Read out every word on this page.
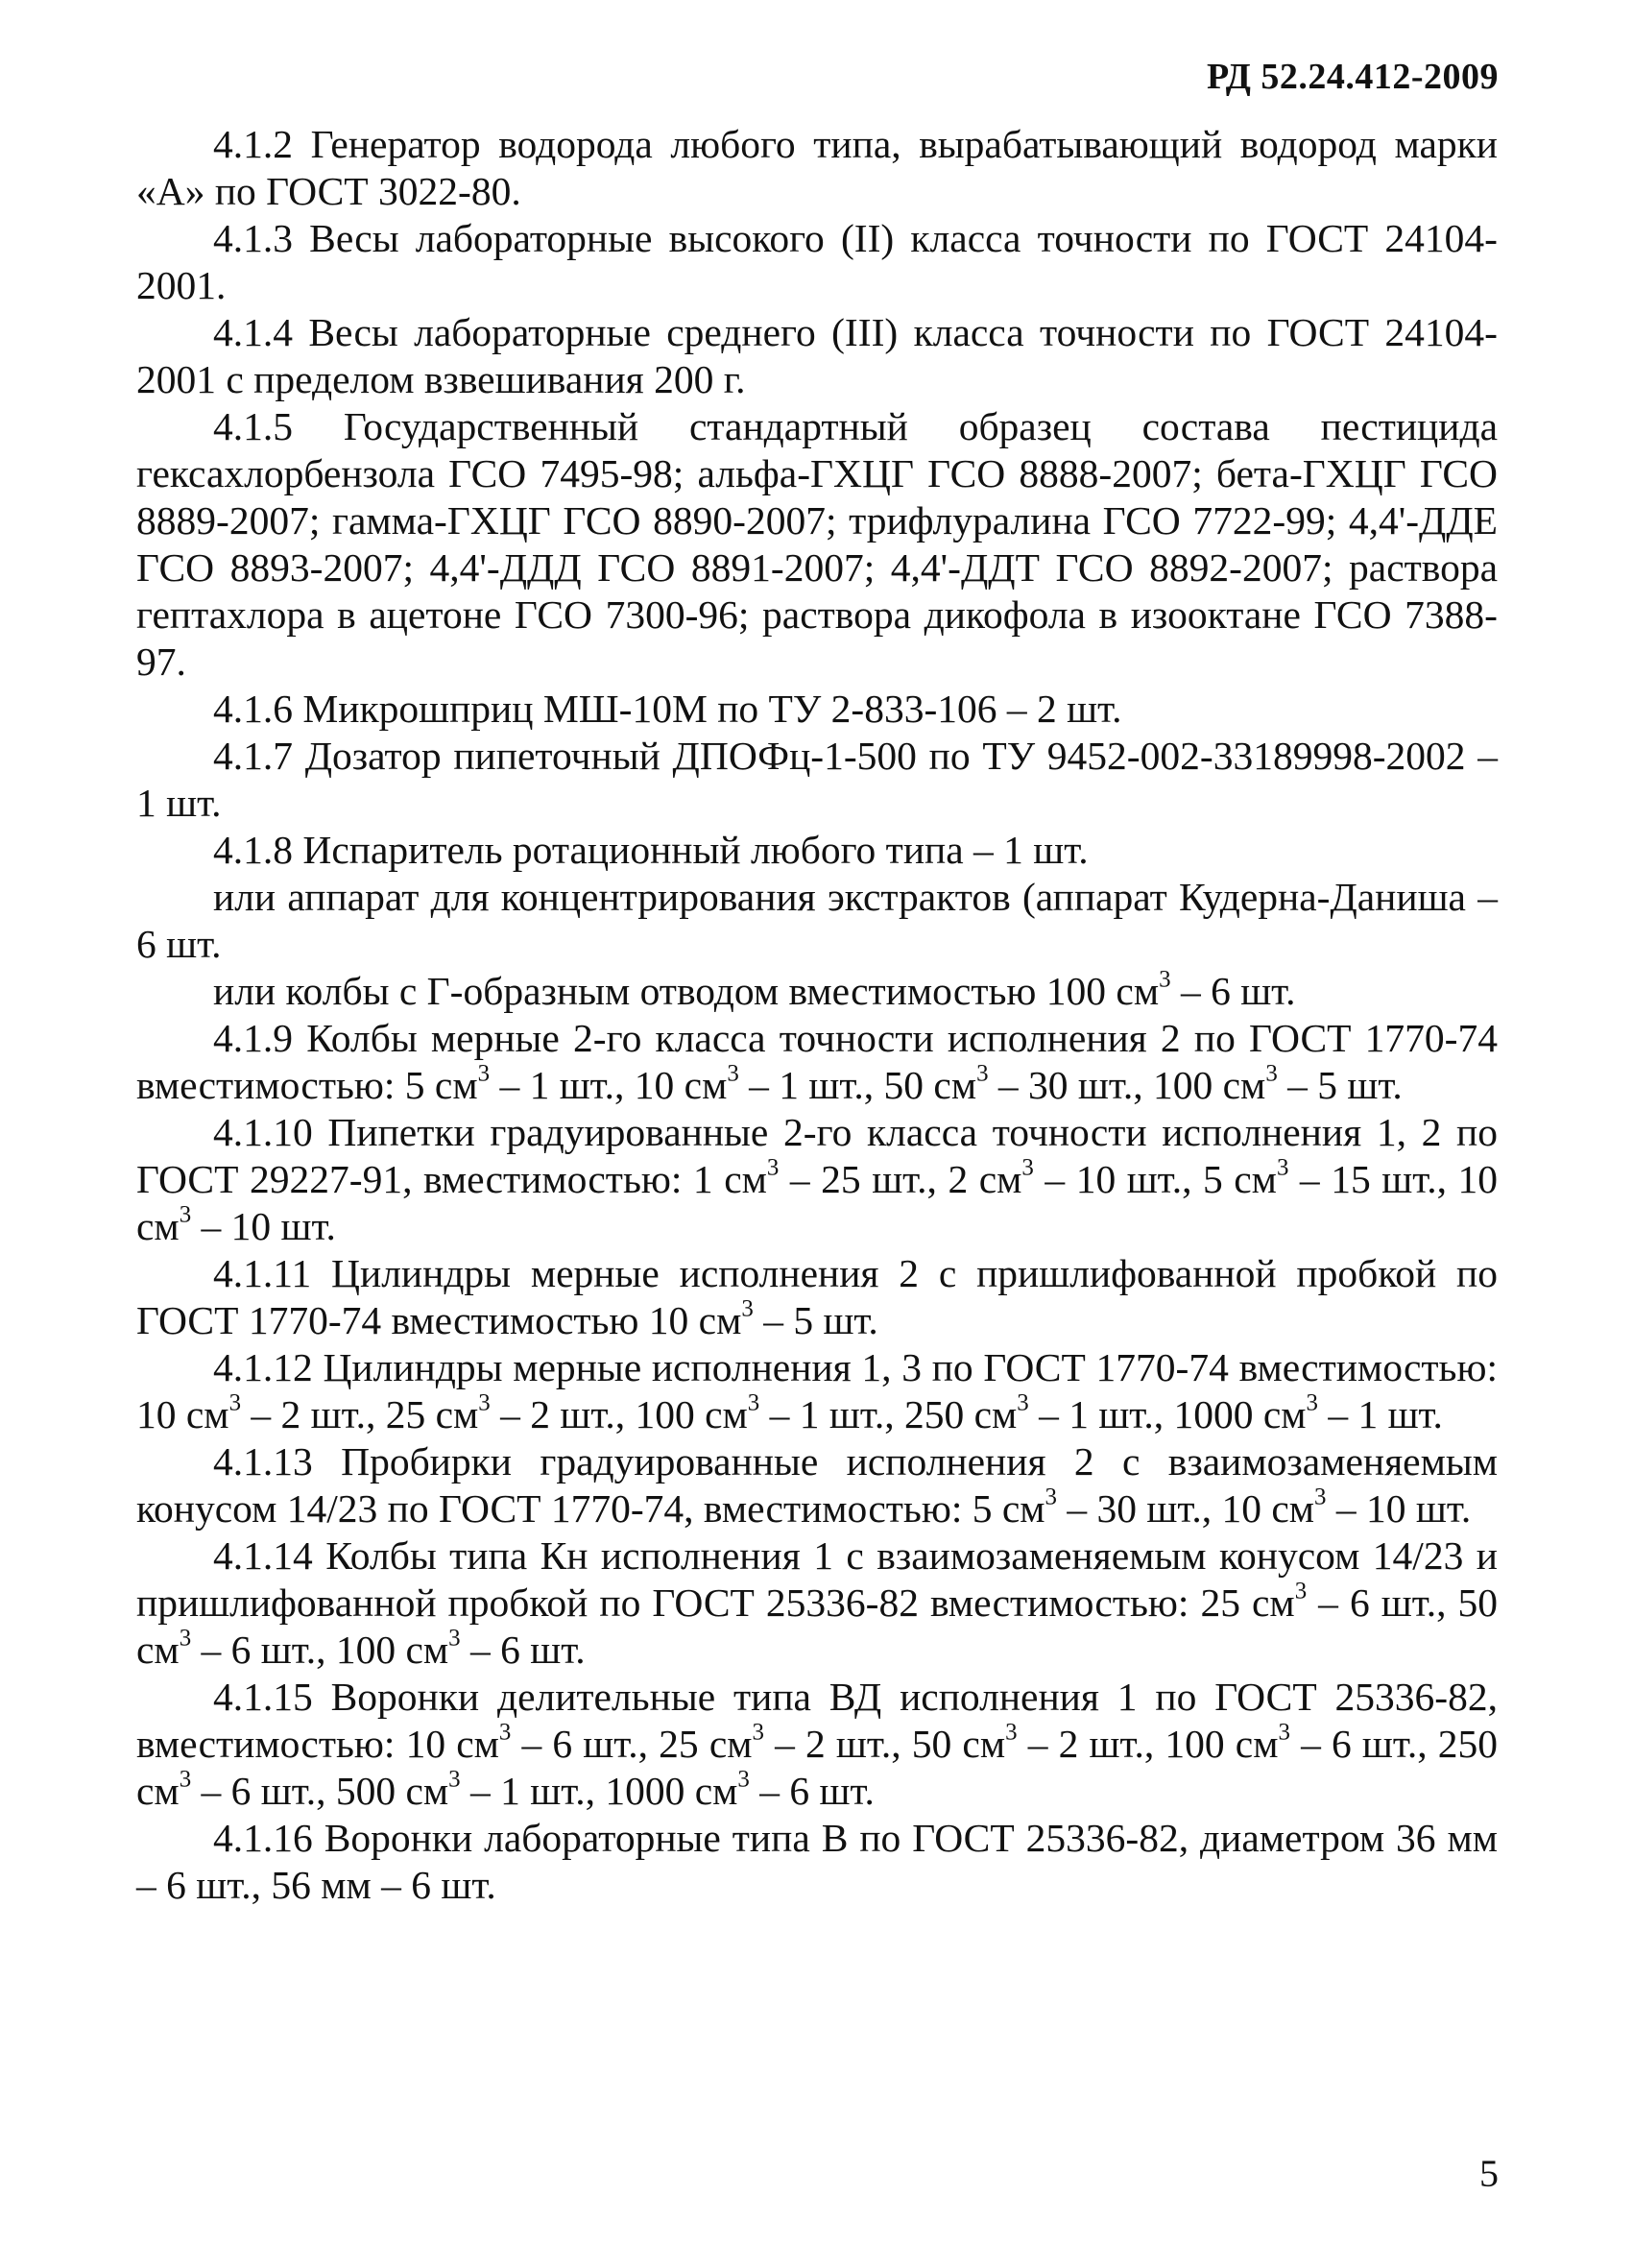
РД 52.24.412-2009

4.1.2 Генератор водорода любого типа, вырабатывающий водород марки «А» по ГОСТ 3022-80.

4.1.3 Весы лабораторные высокого (II) класса точности по ГОСТ 24104-2001.

4.1.4 Весы лабораторные среднего (III) класса точности по ГОСТ 24104-2001 с пределом взвешивания 200 г.

4.1.5 Государственный стандартный образец состава пестицида гексахлорбензола ГСО 7495-98; альфа-ГХЦГ ГСО 8888-2007; бета-ГХЦГ ГСО 8889-2007; гамма-ГХЦГ ГСО 8890-2007; трифлуралина ГСО 7722-99; 4,4'-ДДЕ ГСО 8893-2007; 4,4'-ДДД ГСО 8891-2007; 4,4'-ДДТ ГСО 8892-2007; раствора гептахлора в ацетоне ГСО 7300-96; раствора дикофола в изооктане ГСО 7388-97.

4.1.6 Микрошприц МШ-10М по ТУ 2-833-106 – 2 шт.

4.1.7 Дозатор пипеточный ДПОФц-1-500 по ТУ 9452-002-33189998-2002 – 1 шт.

4.1.8 Испаритель ротационный любого типа – 1 шт.

или аппарат для концентрирования экстрактов (аппарат Кудерна-Даниша – 6 шт.

или колбы с Г-образным отводом вместимостью 100 $см^3 - 6$ шт.

4.1.9 Колбы мерные 2-го класса точности исполнения 2 по ГОСТ 1770-74 вместимостью: 5 $см^3 - 1$ шт., 10 $см^3 - 1$ шт., 50 $см^3 - 30$ шт., 100 $см^3 - 5$ шт.

4.1.10 Пипетки градуированные 2-го класса точности исполнения 1, 2 по ГОСТ 29227-91, вместимостью: 1 $см^3 - 25$ шт., 2 $см^3 - 10$ шт., 5 $см^3 - 15$ шт., 10 $см^3 - 10$ шт.

4.1.11 Цилиндры мерные исполнения 2 с пришлифованной пробкой по ГОСТ 1770-74 вместимостью 10 $см^3 - 5$ шт.

4.1.12 Цилиндры мерные исполнения 1, 3 по ГОСТ 1770-74 вместимостью: 10 $см^3 - 2$ шт., 25 $см^3 - 2$ шт., 100 $см^3 - 1$ шт., 250 $см^3 - 1$ шт., 1000 $см^3 - 1$ шт.

4.1.13 Пробирки градуированные исполнения 2 с взаимозаменяемым конусом 14/23 по ГОСТ 1770-74, вместимостью: 5 $см^3 - 30$ шт., 10 $см^3 - 10$ шт.

4.1.14 Колбы типа Кн исполнения 1 с взаимозаменяемым конусом 14/23 и пришлифованной пробкой по ГОСТ 25336-82 вместимостью: 25 $см^3 - 6$ шт., 50 $см^3 - 6$ шт., 100 $см^3 - 6$ шт.

4.1.15 Воронки делительные типа ВД исполнения 1 по ГОСТ 25336-82, вместимостью: 10 $см^3 - 6$ шт., 25 $см^3 - 2$ шт., 50 $см^3 - 2$ шт., 100 $см^3 - 6$ шт., 250 $см^3 - 6$ шт., 500 $см^3 - 1$ шт., 1000 $см^3 - 6$ шт.

4.1.16 Воронки лабораторные типа В по ГОСТ 25336-82, диаметром 36 мм – 6 шт., 56 мм – 6 шт.

5
